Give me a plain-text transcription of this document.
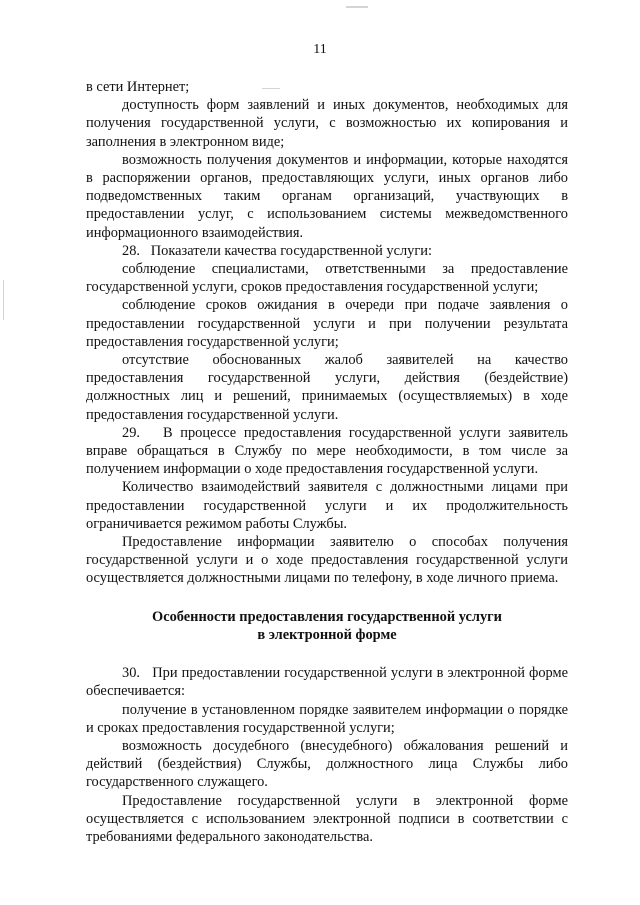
11

в сети Интернет;

доступность форм заявлений и иных документов, необходимых для получения государственной услуги, с возможностью их копирования и заполнения в электронном виде;

возможность получения документов и информации, которые находятся в распоряжении органов, предоставляющих услуги, иных органов либо подведомственных таким органам организаций, участвующих в предоставлении услуг, с использованием системы межведомственного информационного взаимодействия.

28.   Показатели качества государственной услуги:

соблюдение специалистами, ответственными за предоставление государственной услуги, сроков предоставления государственной услуги;

соблюдение сроков ожидания в очереди при подаче заявления о предоставлении государственной услуги и при получении результата предоставления государственной услуги;

отсутствие обоснованных жалоб заявителей на качество предоставления государственной услуги, действия (бездействие) должностных лиц и решений, принимаемых (осуществляемых) в ходе предоставления государственной услуги.

29.   В процессе предоставления государственной услуги заявитель вправе обращаться в Службу по мере необходимости, в том числе за получением информации о ходе предоставления государственной услуги.

Количество взаимодействий заявителя с должностными лицами при предоставлении государственной услуги и их продолжительность ограничивается режимом работы Службы.

Предоставление информации заявителю о способах получения государственной услуги и о ходе предоставления государственной услуги осуществляется должностными лицами по телефону, в ходе личного приема.

Особенности предоставления государственной услуги
в электронной форме

30.   При предоставлении государственной услуги в электронной форме обеспечивается:

получение в установленном порядке заявителем информации о порядке и сроках предоставления государственной услуги;

возможность досудебного (внесудебного) обжалования решений и действий (бездействия) Службы, должностного лица Службы либо государственного служащего.

Предоставление государственной услуги в электронной форме осуществляется с использованием электронной подписи в соответствии с требованиями федерального законодательства.
